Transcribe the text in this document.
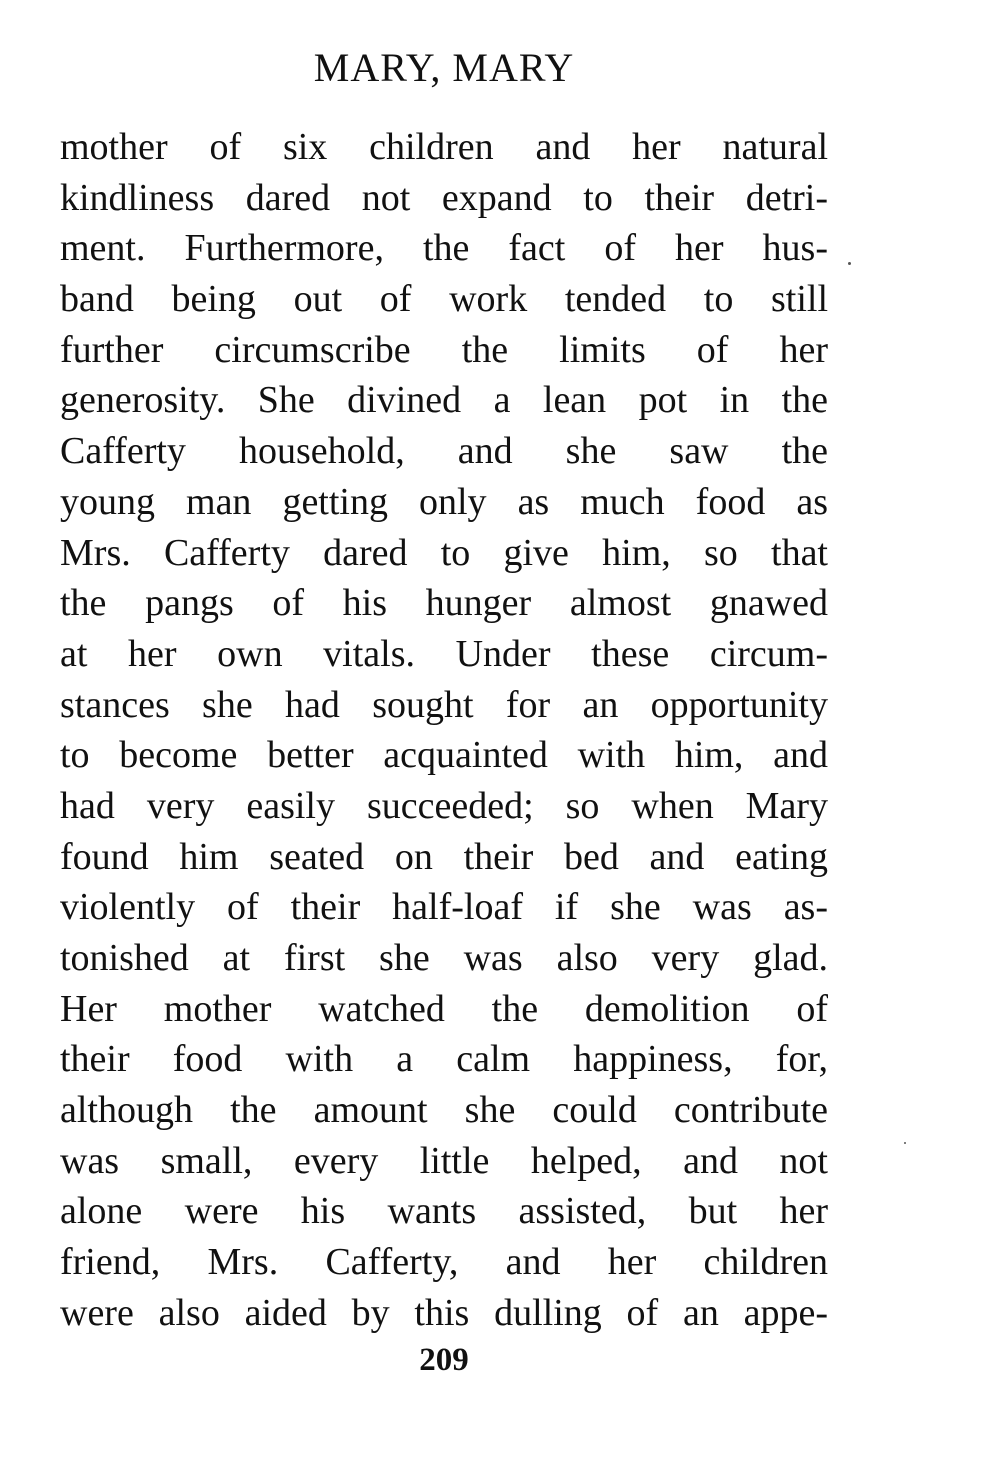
MARY, MARY
mother of six children and her natural
kindliness dared not expand to their detri-
ment. Furthermore, the fact of her hus-
band being out of work tended to still
further circumscribe the limits of her
generosity. She divined a lean pot in the
Cafferty household, and she saw the
young man getting only as much food as
Mrs. Cafferty dared to give him, so that
the pangs of his hunger almost gnawed
at her own vitals. Under these circum-
stances she had sought for an opportunity
to become better acquainted with him, and
had very easily succeeded; so when Mary
found him seated on their bed and eating
violently of their half-loaf if she was as-
tonished at first she was also very glad.
Her mother watched the demolition of
their food with a calm happiness, for,
although the amount she could contribute
was small, every little helped, and not
alone were his wants assisted, but her
friend, Mrs. Cafferty, and her children
were also aided by this dulling of an appe-
209
